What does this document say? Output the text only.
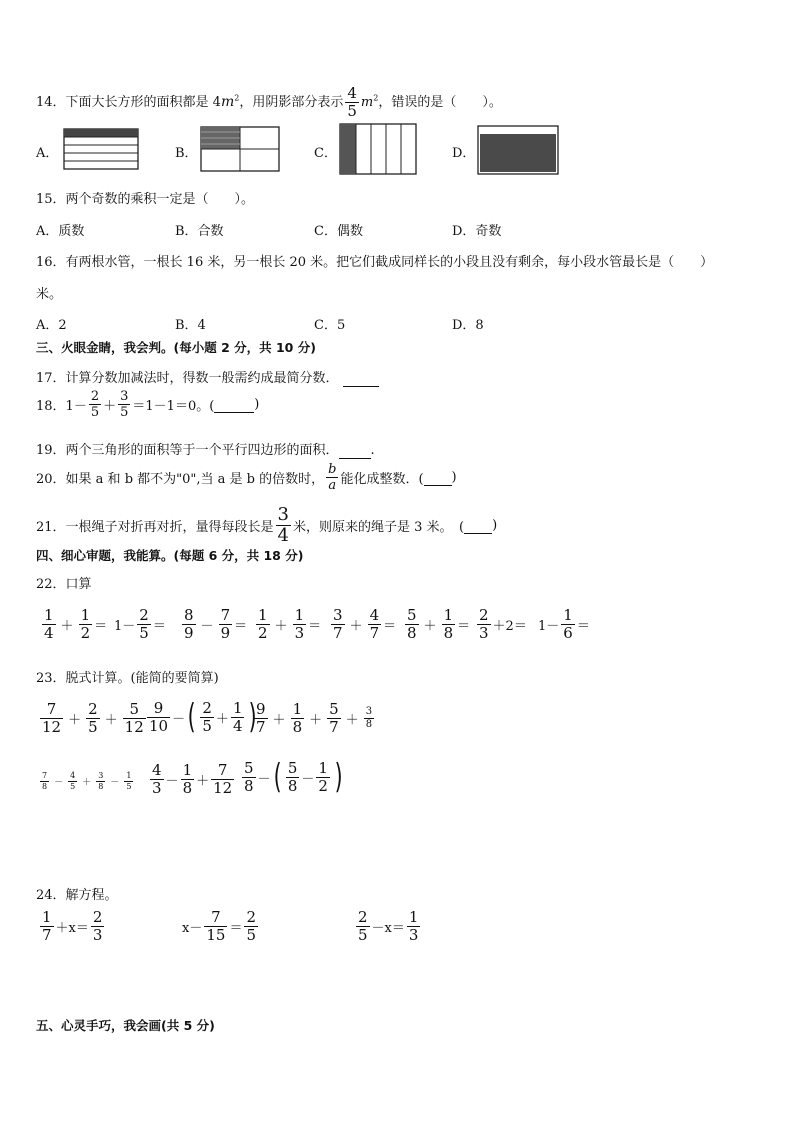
14．下面大长方形的面积都是 $4m^2$，用阴影部分表示 $\frac{4}{5} m^2$，错误的是（　　）。
A．	B．	C．	D．
15．两个奇数的乘积一定是（　　）。
A．质数	B．合数	C．偶数	D．奇数
16．有两根水管，一根长 16 米，另一根长 20 米。把它们截成同样长的小段且没有剩余，每小段水管最长是（　　）
米。
A．2	B．4	C．5	D．8
三、火眼金睛，我会判。(每小题 2 分，共 10 分)
17．计算分数加减法时，得数一般需约成最简分数．
18．$1- \frac{2}{5} + \frac{3}{5} =1-1=0$。(
	)
19．两个三角形的面积等于一个平行四边形的面积． .
20．如果 a 和 b 都不为"0",当 a 是 b 的倍数时， $\frac{b}{a}$ 能化成整数．(
)
21．一根绳子对折再对折，量得每段长是 $\frac{3}{4}$ 米，则原来的绳子是 3 米。　(
)
四、细心审题，我能算。(每题 6 分，共 18 分)
22．口算
$\frac{1}{4} + \frac{1}{2} = 1- \frac{2}{5} = \frac{8}{9} - \frac{7}{9} = \frac{1}{2} + \frac{1}{3} = \frac{3}{7} + \frac{4}{7} = \frac{5}{8} + \frac{1}{8} = \frac{2}{3} +2= 1- \frac{1}{6}$ ＝
23．脱式计算。(能简的要简算)
$\frac{7}{12} + \frac{2}{5} + \frac{5}{12} \frac{9}{10}$ － ( $\frac{2}{5} + \frac{1}{4}$ )
$\frac{9}{7} + \frac{1}{8} + \frac{5}{7} + \frac{3}{8}$
$\frac{7}{8} - \frac{4}{5} + \frac{3}{8} - \frac{1}{5} \frac{4}{3} - \frac{1}{8} + \frac{7}{12} \frac{5}{8}$ － ( $\frac{5}{8} - \frac{1}{2}$ )
24．解方程。
$\frac{1}{7} +x= \frac{2}{3}$	$x- \frac{7}{15} = \frac{2}{5}$	$\frac{2}{5} -x= \frac{1}{3}$
五、心灵手巧，我会画(共 5 分)
